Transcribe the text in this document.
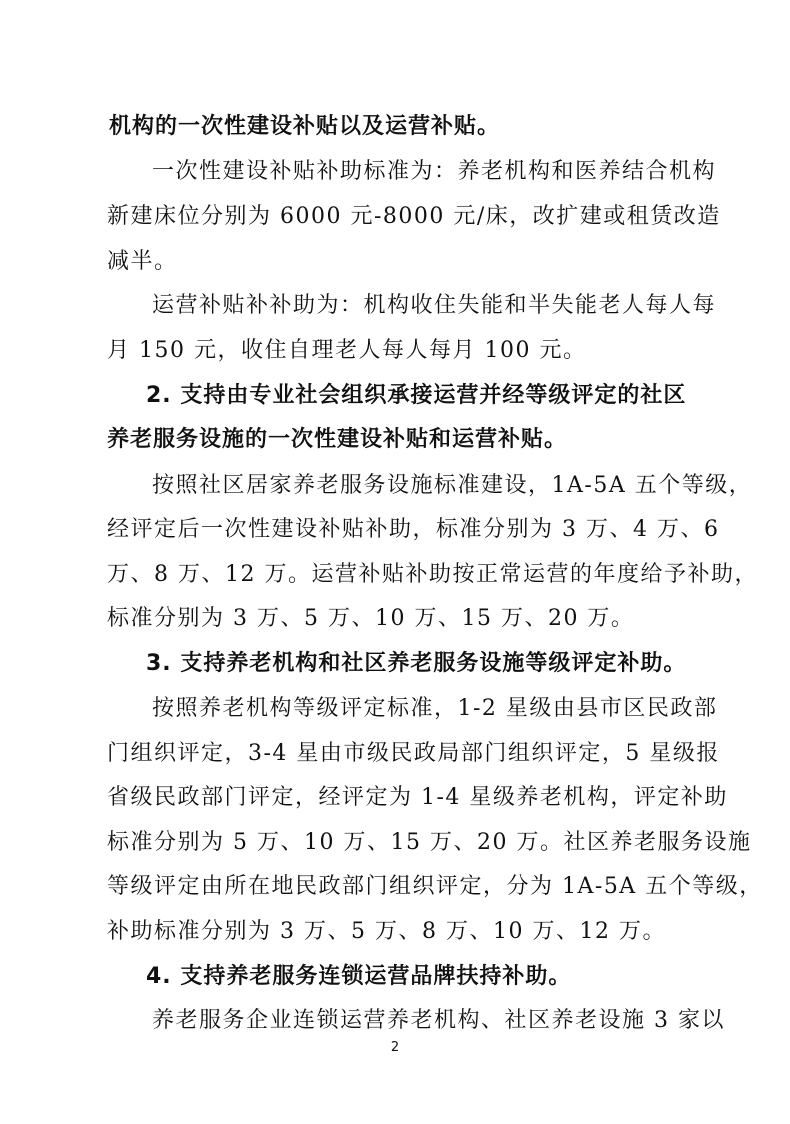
机构的一次性建设补贴以及运营补贴。
一次性建设补贴补助标准为：养老机构和医养结合机构
新建床位分别为 6000 元-8000 元/床，改扩建或租赁改造
减半。
运营补贴补补助为：机构收住失能和半失能老人每人每
月 150 元，收住自理老人每人每月 100 元。
2. 支持由专业社会组织承接运营并经等级评定的社区
养老服务设施的一次性建设补贴和运营补贴。
按照社区居家养老服务设施标准建设，1A-5A 五个等级，
经评定后一次性建设补贴补助，标准分别为 3 万、4 万、6
万、8 万、12 万。运营补贴补助按正常运营的年度给予补助，
标准分别为 3 万、5 万、10 万、15 万、20 万。
3. 支持养老机构和社区养老服务设施等级评定补助。
按照养老机构等级评定标准，1-2 星级由县市区民政部
门组织评定，3-4 星由市级民政局部门组织评定，5 星级报
省级民政部门评定，经评定为 1-4 星级养老机构，评定补助
标准分别为 5 万、10 万、15 万、20 万。社区养老服务设施
等级评定由所在地民政部门组织评定，分为 1A-5A 五个等级，
补助标准分别为 3 万、5 万、8 万、10 万、12 万。
4. 支持养老服务连锁运营品牌扶持补助。
养老服务企业连锁运营养老机构、社区养老设施 3 家以
2
